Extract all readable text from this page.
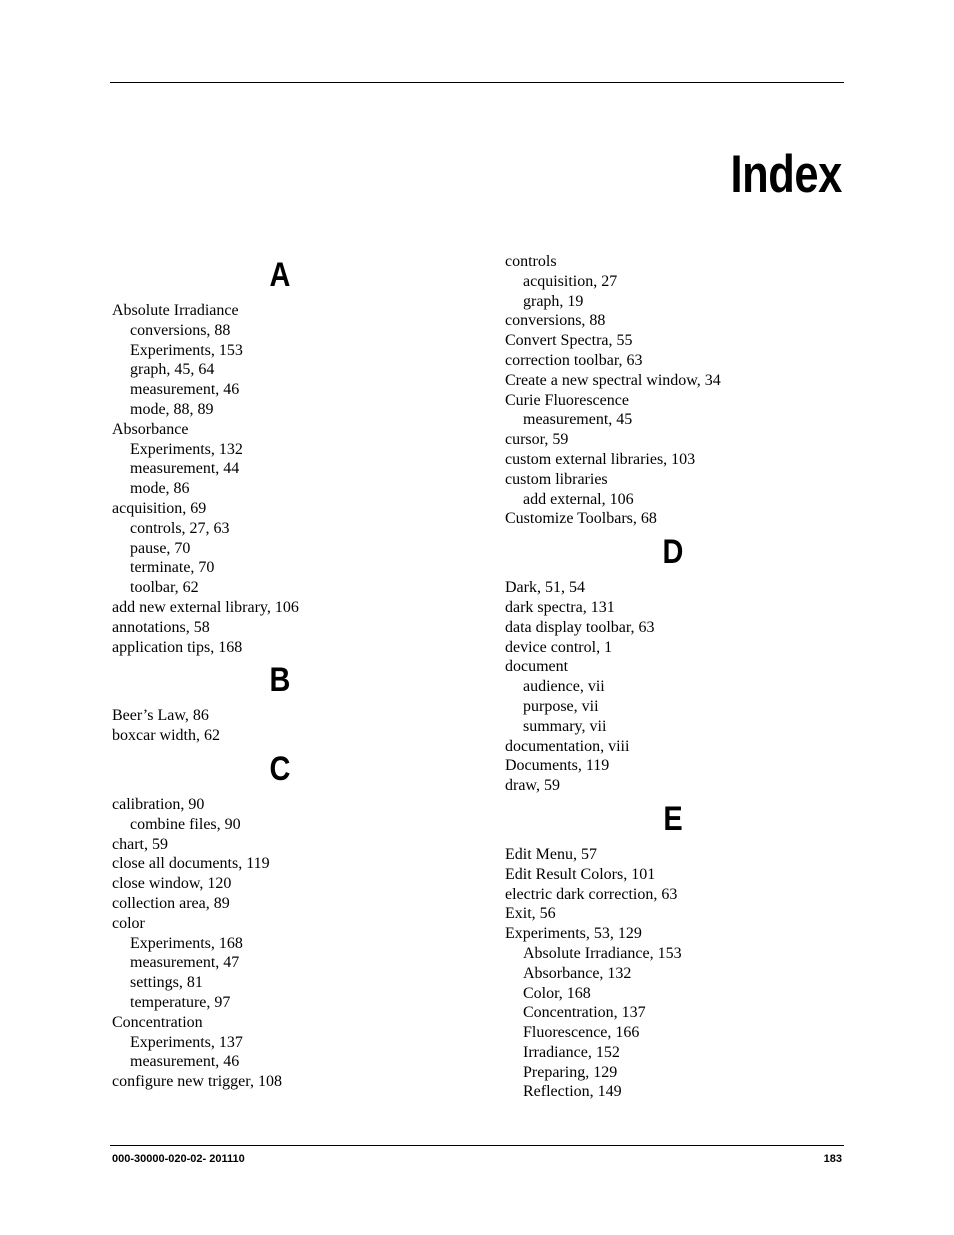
Index
A
Absolute Irradiance
conversions, 88
Experiments, 153
graph, 45, 64
measurement, 46
mode, 88, 89
Absorbance
Experiments, 132
measurement, 44
mode, 86
acquisition, 69
controls, 27, 63
pause, 70
terminate, 70
toolbar, 62
add new external library, 106
annotations, 58
application tips, 168
B
Beer’s Law, 86
boxcar width, 62
C
calibration, 90
combine files, 90
chart, 59
close all documents, 119
close window, 120
collection area, 89
color
Experiments, 168
measurement, 47
settings, 81
temperature, 97
Concentration
Experiments, 137
measurement, 46
configure new trigger, 108
controls
acquisition, 27
graph, 19
conversions, 88
Convert Spectra, 55
correction toolbar, 63
Create a new spectral window, 34
Curie Fluorescence
measurement, 45
cursor, 59
custom external libraries, 103
custom libraries
add external, 106
Customize Toolbars, 68
D
Dark, 51, 54
dark spectra, 131
data display toolbar, 63
device control, 1
document
audience, vii
purpose, vii
summary, vii
documentation, viii
Documents, 119
draw, 59
E
Edit Menu, 57
Edit Result Colors, 101
electric dark correction, 63
Exit, 56
Experiments, 53, 129
Absolute Irradiance, 153
Absorbance, 132
Color, 168
Concentration, 137
Fluorescence, 166
Irradiance, 152
Preparing, 129
Reflection, 149
000-30000-020-02- 201110	183
